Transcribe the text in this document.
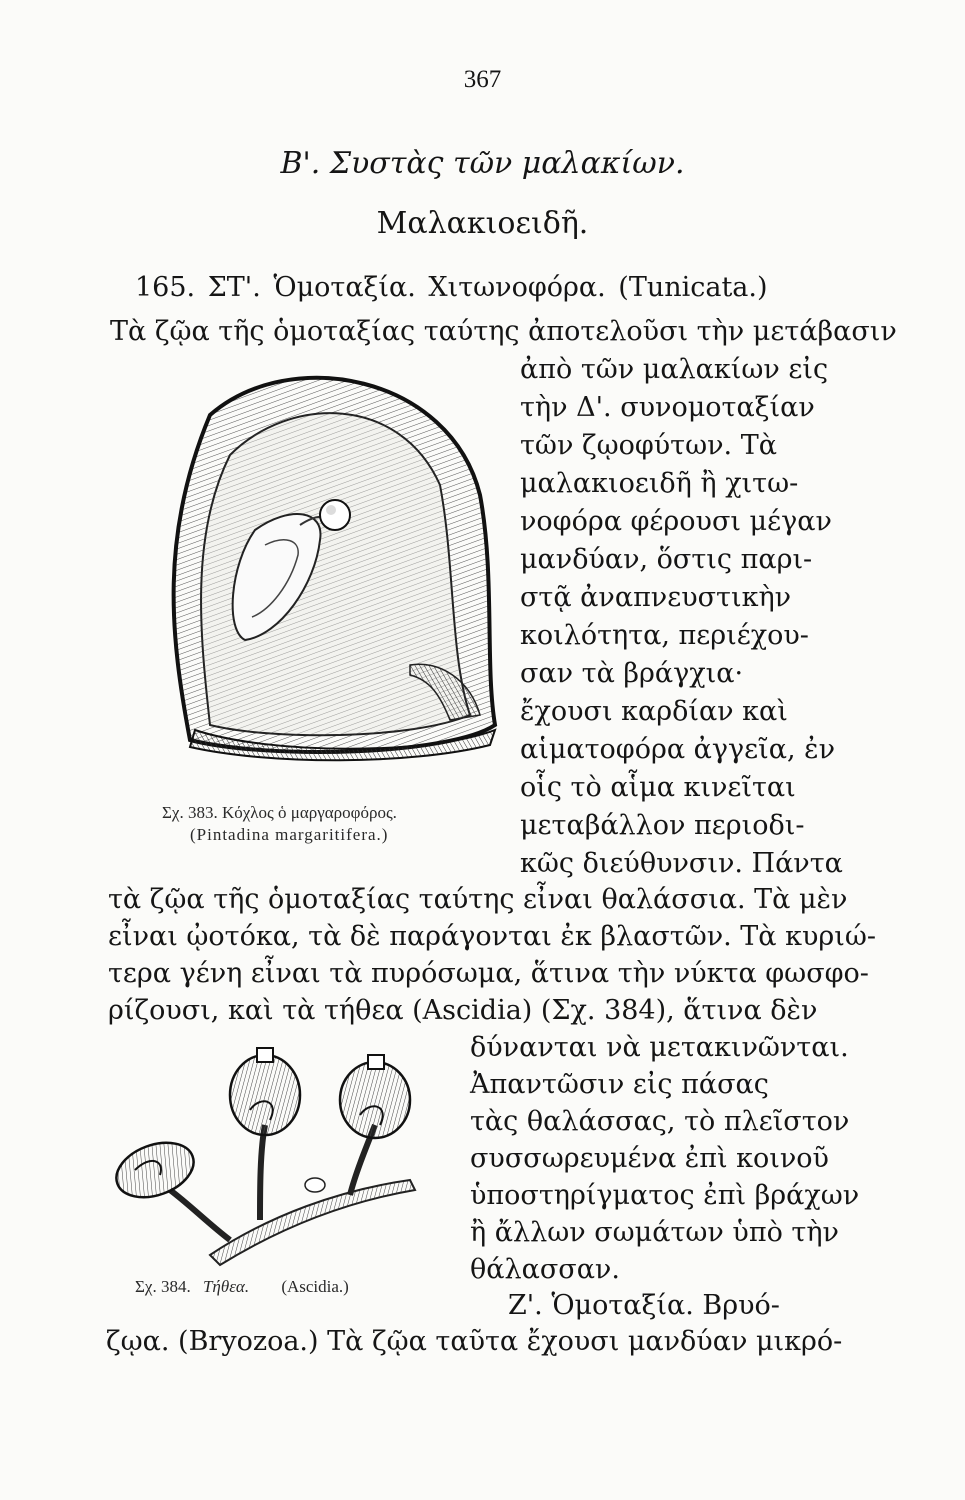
367
Β'. Συστὰς τῶν μαλακίων.
Μαλακιοειδῆ.
165. ΣΤ'. Ὁμοταξία. Χιτωνοφόρα. (Tunicata.)
Τὰ ζῷα τῆς ὁμοταξίας ταύτης ἀποτελοῦσι τὴν μετάβασιν
ἀπὸ τῶν μαλακίων εἰς
τὴν Δ'. συνομοταξίαν
τῶν ζῳοφύτων. Τὰ
μαλακιοειδῆ ἢ χιτω-
νοφόρα φέρουσι μέγαν
μανδύαν, ὅστις παρι-
στᾷ ἀναπνευστικὴν
κοιλότητα, περιέχου-
σαν τὰ βράγχια·
ἔχουσι καρδίαν καὶ
αἱματοφόρα ἀγγεῖα, ἐν
οἷς τὸ αἷμα κινεῖται
μεταβάλλον περιοδι-
κῶς διεύθυνσιν. Πάντα
τὰ ζῷα τῆς ὁμοταξίας ταύτης εἶναι θαλάσσια. Τὰ μὲν
εἶναι ᾠοτόκα, τὰ δὲ παράγονται ἐκ βλαστῶν. Τὰ κυριώ-
τερα γένη εἶναι τὰ πυρόσωμα, ἅτινα τὴν νύκτα φωσφο-
ρίζουσι, καὶ τὰ τήθεα (Ascidia) (Σχ. 384), ἅτινα δὲν
δύνανται νὰ μετακινῶνται.
Ἀπαντῶσιν εἰς πάσας
τὰς θαλάσσας, τὸ πλεῖστον
συσσωρευμένα ἐπὶ κοινοῦ
ὑποστηρίγματος ἐπὶ βράχων
ἢ ἄλλων σωμάτων ὑπὸ τὴν
θάλασσαν.
Ζ'. Ὁμοταξία. Βρυό-
ζῳα. (Bryozoa.) Τὰ ζῷα ταῦτα ἔχουσι μανδύαν μικρό-
Σχ. 383. Κόχλος ὁ μαργαροφόρος.
(Pintadina margaritifera.)
Σχ. 384. Τήθεα. (Ascidia.)
